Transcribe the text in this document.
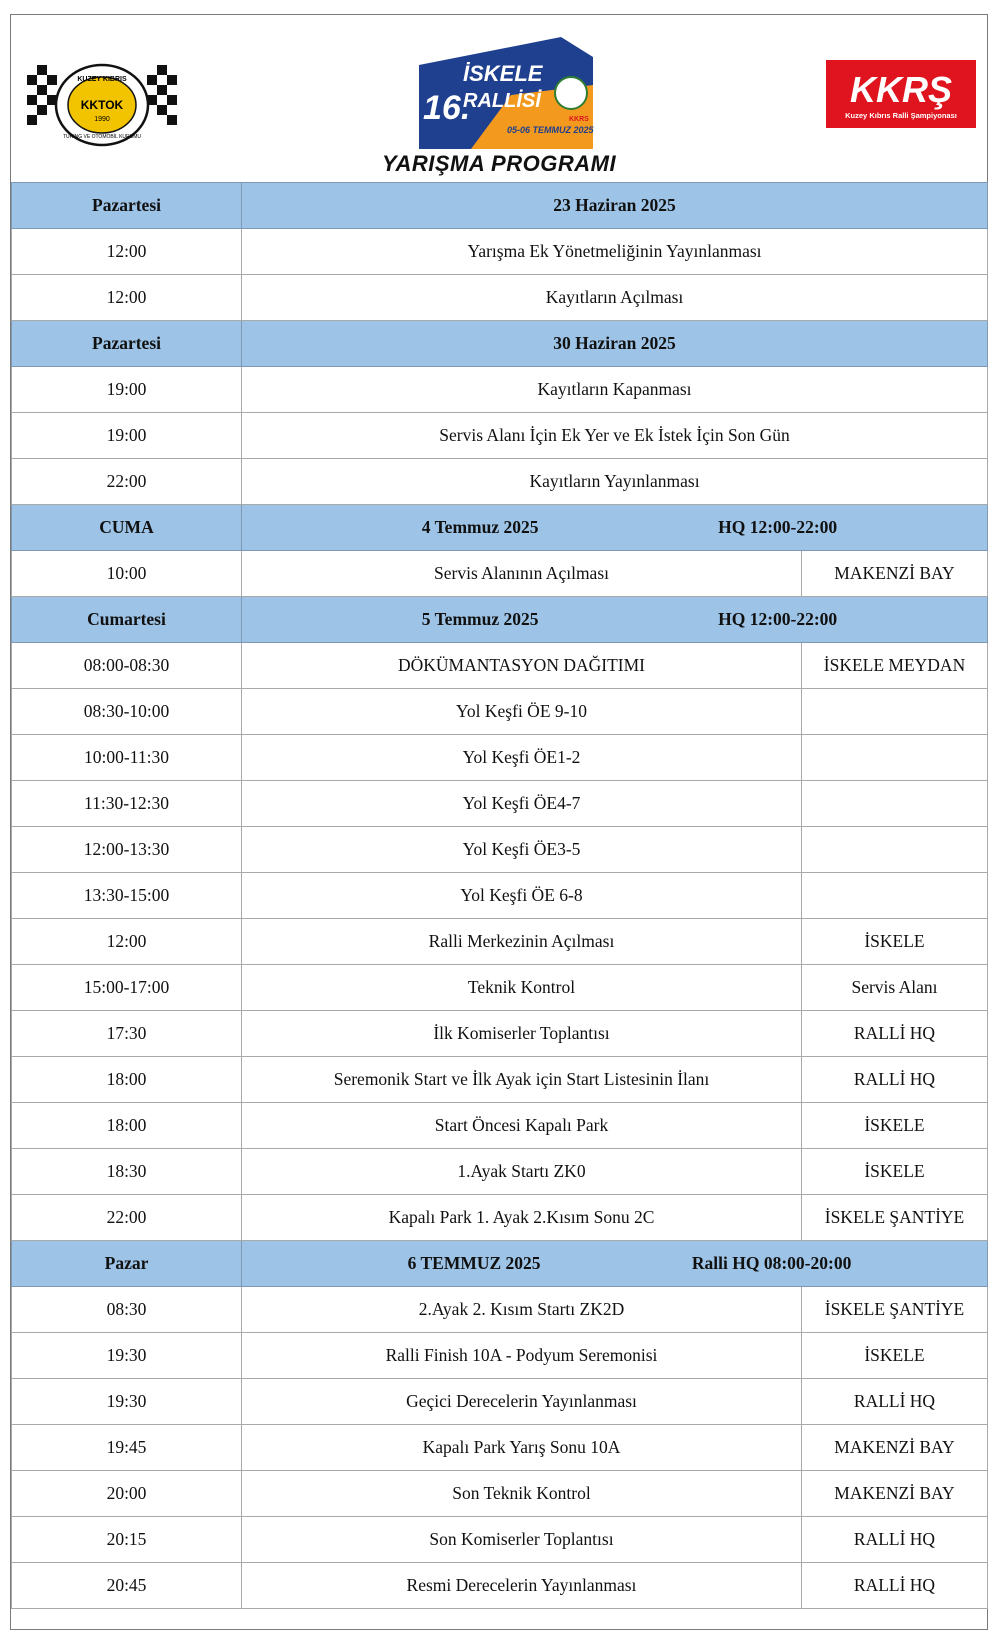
KUZEY KIBRIS
KKTOK
1990
TURING VE OTOMOBİL KURUMU
16.
İSKELE
RALLİSİ
05-06 TEMMUZ 2025
KKRS
KKRŞ
Kuzey Kıbrıs Ralli Şampiyonası
YARIŞMA PROGRAMI
Pazartesi	23 Haziran 2025	
12:00	Yarışma Ek Yönetmeliğinin Yayınlanması	
12:00	Kayıtların Açılması	
Pazartesi	30 Haziran 2025	
19:00	Kayıtların Kapanması	
19:00	Servis Alanı İçin Ek Yer ve Ek İstek İçin Son Gün	
22:00	Kayıtların Yayınlanması	
CUMA	4 Temmuz 2025 HQ 12:00-22:00	

10:00	Servis Alanının Açılması	MAKENZİ BAY
Cumartesi	5 Temmuz 2025 HQ 12:00-22:00	

08:00-08:30	DÖKÜMANTASYON DAĞITIMI	İSKELE MEYDAN
08:30-10:00	Yol Keşfi ÖE 9-10	
10:00-11:30	Yol Keşfi ÖE1-2	
11:30-12:30	Yol Keşfi ÖE4-7	
12:00-13:30	Yol Keşfi ÖE3-5	
13:30-15:00	Yol Keşfi ÖE 6-8	
12:00	Ralli Merkezinin Açılması	İSKELE
15:00-17:00	Teknik Kontrol	Servis Alanı
17:30	İlk Komiserler Toplantısı	RALLİ HQ
18:00	Seremonik Start ve İlk Ayak için Start Listesinin İlanı	RALLİ HQ
18:00	Start Öncesi Kapalı Park	İSKELE
18:30	1.Ayak Startı ZK0	İSKELE
22:00	Kapalı Park 1. Ayak 2.Kısım Sonu 2C	İSKELE ŞANTİYE
Pazar	6 TEMMUZ 2025 Ralli HQ 08:00-20:00	

08:30	2.Ayak 2. Kısım Startı ZK2D	İSKELE ŞANTİYE
19:30	Ralli Finish 10A - Podyum Seremonisi	İSKELE
19:30	Geçici Derecelerin Yayınlanması	RALLİ HQ
19:45	Kapalı Park Yarış Sonu 10A	MAKENZİ BAY
20:00	Son Teknik Kontrol	MAKENZİ BAY
20:15	Son Komiserler Toplantısı	RALLİ HQ
20:45	Resmi Derecelerin Yayınlanması	RALLİ HQ
